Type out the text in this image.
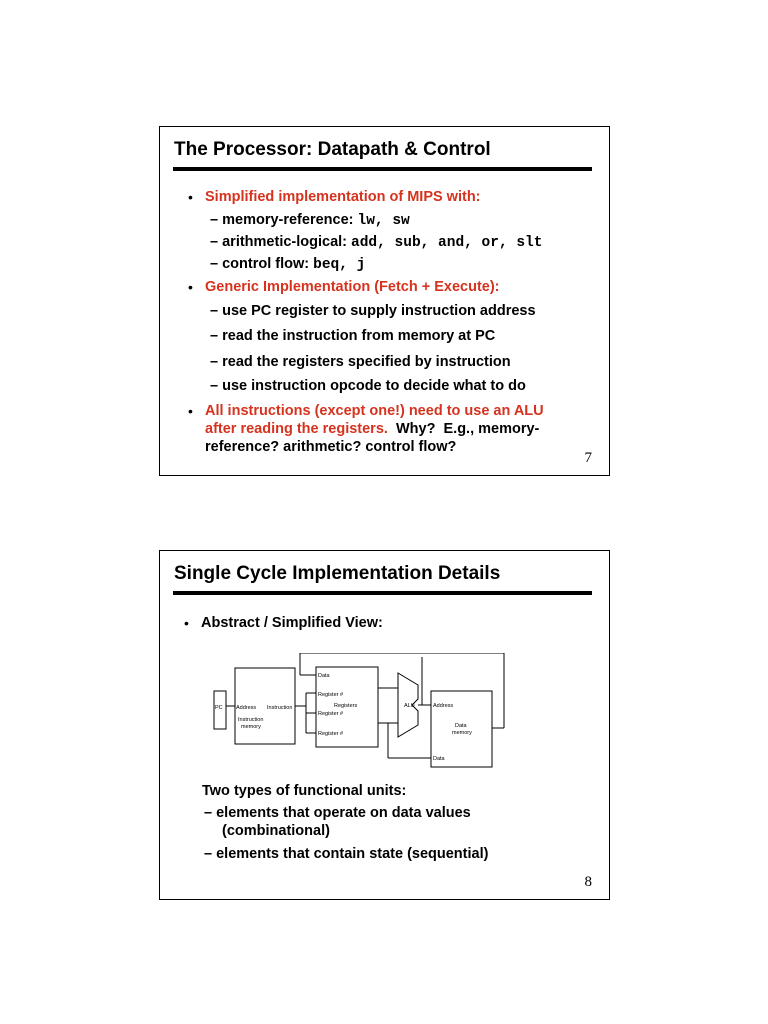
The Processor: Datapath & Control
• Simplified implementation of MIPS with:
– memory-reference: lw, sw
– arithmetic-logical: add, sub, and, or, slt
– control flow: beq, j
• Generic Implementation (Fetch + Execute):
– use PC register to supply instruction address
– read the instruction from memory at PC
– read the registers specified by instruction
– use instruction opcode to decide what to do
• All instructions (except one!) need to use an ALU
after reading the registers.  Why?  E.g., memory-
reference? arithmetic? control flow?
7
Single Cycle Implementation Details
• Abstract / Simplified View:
PC Address Instruction
Instruction
memory
Data
Register #
Register #
Register #
Registers	ALU	Address
Data
memory
Data
Two types of functional units:
– elements that operate on data values
(combinational)
– elements that contain state (sequential)
8
